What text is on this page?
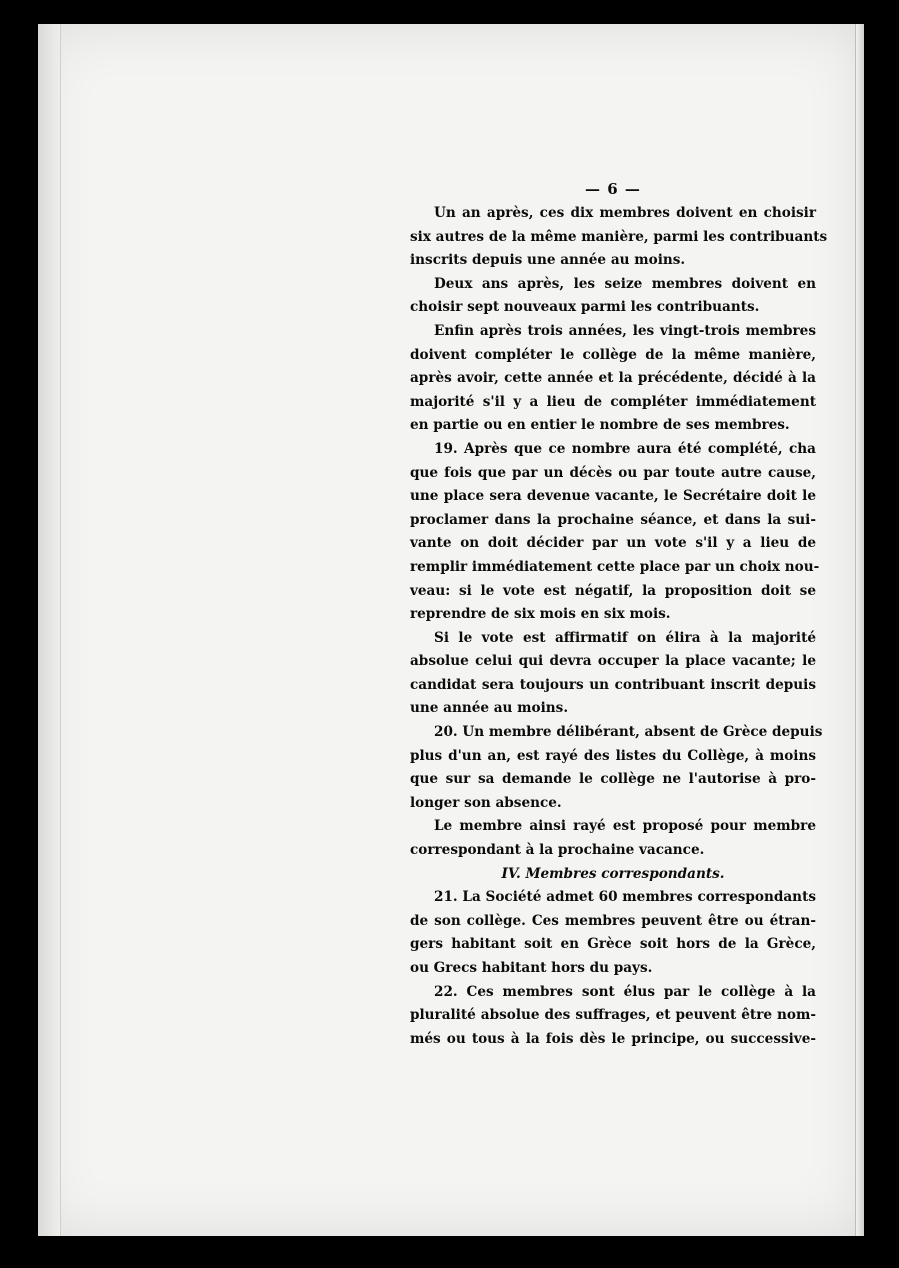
— 6 —
Un an après, ces dix membres doivent en choisir
six autres de la même manière, parmi les contribuants
inscrits depuis une année au moins.
Deux ans après, les seize membres doivent en
choisir sept nouveaux parmi les contribuants.
Enfin après trois années, les vingt-trois membres
doivent compléter le collège de la même manière,
après avoir, cette année et la précédente, décidé à la
majorité s'il y a lieu de compléter immédiatement
en partie ou en entier le nombre de ses membres.
19. Après que ce nombre aura été complété, cha
que fois que par un décès ou par toute autre cause,
une place sera devenue vacante, le Secrétaire doit le
proclamer dans la prochaine séance, et dans la sui-
vante on doit décider par un vote s'il y a lieu de
remplir immédiatement cette place par un choix nou-
veau: si le vote est négatif, la proposition doit se
reprendre de six mois en six mois.
Si le vote est affirmatif on élira à la majorité
absolue celui qui devra occuper la place vacante; le
candidat sera toujours un contribuant inscrit depuis
une année au moins.
20. Un membre délibérant, absent de Grèce depuis
plus d'un an, est rayé des listes du Collège, à moins
que sur sa demande le collège ne l'autorise à pro-
longer son absence.
Le membre ainsi rayé est proposé pour membre
correspondant à la prochaine vacance.
IV. Membres correspondants.
21. La Société admet 60 membres correspondants
de son collège. Ces membres peuvent être ou étran-
gers habitant soit en Grèce soit hors de la Grèce,
ou Grecs habitant hors du pays.
22. Ces membres sont élus par le collège à la
pluralité absolue des suffrages, et peuvent être nom-
més ou tous à la fois dès le principe, ou successive-
